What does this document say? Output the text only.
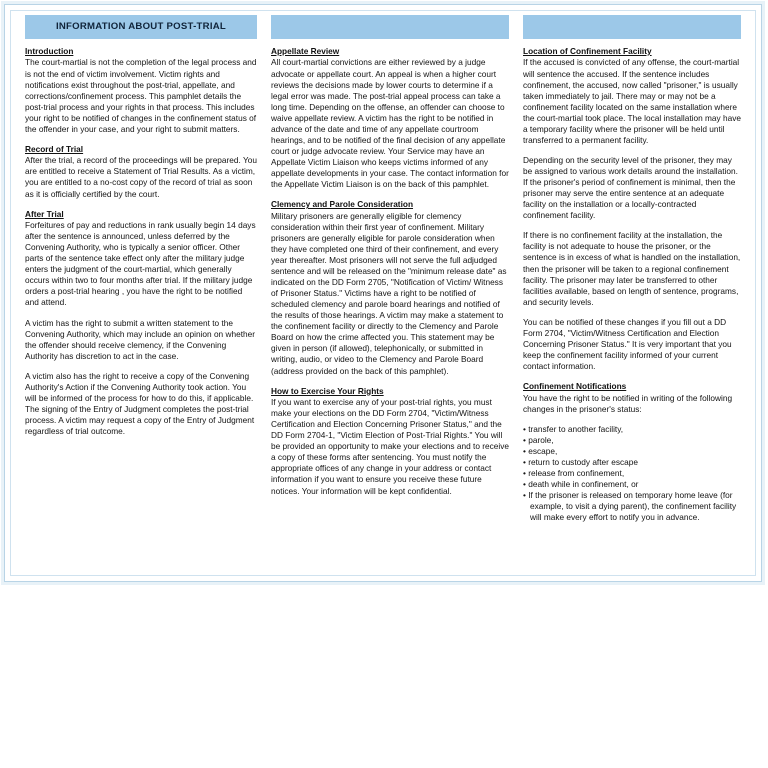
INFORMATION ABOUT POST-TRIAL
Introduction

The court-martial is not the completion of the legal process and is not the end of victim involvement. Victim rights and notifications exist throughout the post-trial, appellate, and corrections/confinement process. This pamphlet details the post-trial process and your rights in that process. This includes your right to be notified of changes in the confinement status of the offender in your case, and your right to submit matters.

Record of Trial

After the trial, a record of the proceedings will be prepared. You are entitled to receive a Statement of Trial Results. As a victim, you are entitled to a no-cost copy of the record of trial as soon as it is officially certified by the court.

After Trial

Forfeitures of pay and reductions in rank usually begin 14 days after the sentence is announced, unless deferred by the Convening Authority, who is typically a senior officer. Other parts of the sentence take effect only after the military judge enters the judgment of the court-martial, which generally occurs within two to four months after trial. If the military judge orders a post-trial hearing , you have the right to be notified and attend.

A victim has the right to submit a written statement to the Convening Authority, which may include an opinion on whether the offender should receive clemency, if the Convening Authority has discretion to act in the case.

A victim also has the right to receive a copy of the Convening Authority's Action if the Convening Authority took action. You will be informed of the process for how to do this, if applicable. The signing of the Entry of Judgment completes the post-trial process. A victim may request a copy of the Entry of Judgment regardless of trial outcome.

Appellate Review

All court-martial convictions are either reviewed by a judge advocate or appellate court. An appeal is when a higher court reviews the decisions made by lower courts to determine if a legal error was made. The post-trial appeal process can take a long time. Depending on the offense, an offender can choose to waive appellate review. A victim has the right to be notified in advance of the date and time of any appellate courtroom hearings, and to be notified of the final decision of any appellate court or judge advocate review. Your Service may have an Appellate Victim Liaison who keeps victims informed of any appellate developments in your case. The contact information for the Appellate Victim Liaison is on the back of this pamphlet.

Clemency and Parole Consideration

Military prisoners are generally eligible for clemency consideration within their first year of confinement. Military prisoners are generally eligible for parole consideration when they have completed one third of their confinement, and every year thereafter. Most prisoners will not serve the full adjudged sentence and will be released on the "minimum release date" as indicated on the DD Form 2705, "Notification of Victim/ Witness of Prisoner Status." Victims have a right to be notified of scheduled clemency and parole board hearings and notified of the results of those hearings. A victim may make a statement to the confinement facility or directly to the Clemency and Parole Board on how the crime affected you. This statement may be given in person (if allowed), telephonically, or submitted in writing, audio, or video to the Clemency and Parole Board (address provided on the back of this pamphlet).

How to Exercise Your Rights

If you want to exercise any of your post-trial rights, you must make your elections on the DD Form 2704, "Victim/Witness Certification and Election Concerning Prisoner Status," and the DD Form 2704-1, "Victim Election of Post-Trial Rights." You will be provided an opportunity to make your elections and to receive a copy of these forms after sentencing. You must notify the appropriate offices of any change in your address or contact information if you want to ensure you receive these future notices. Your information will be kept confidential.

Location of Confinement Facility

If the accused is convicted of any offense, the court-martial will sentence the accused. If the sentence includes confinement, the accused, now called "prisoner," is usually taken immediately to jail. There may or may not be a confinement facility located on the same installation where the court-martial took place. The local installation may have a temporary facility where the prisoner will be held until transferred to a permanent facility.

Depending on the security level of the prisoner, they may be assigned to various work details around the installation. If the prisoner's period of confinement is minimal, then the prisoner may serve the entire sentence at an adequate facility on the installation or a locally-contracted confinement facility.

If there is no confinement facility at the installation, the facility is not adequate to house the prisoner, or the sentence is in excess of what is handled on the installation, then the prisoner will be taken to a regional confinement facility. The prisoner may later be transferred to other facilities available, based on length of sentence, programs, and security levels.

You can be notified of these changes if you fill out a DD Form 2704, "Victim/Witness Certification and Election Concerning Prisoner Status." It is very important that you keep the confinement facility informed of your current contact information.

Confinement Notifications

You have the right to be notified in writing of the following changes in the prisoner's status:

• transfer to another facility,
• parole,
• escape,
• return to custody after escape
• release from confinement,
• death while in confinement, or
• If the prisoner is released on temporary home leave (for example, to visit a dying parent), the confinement facility will make every effort to notify you in advance.
